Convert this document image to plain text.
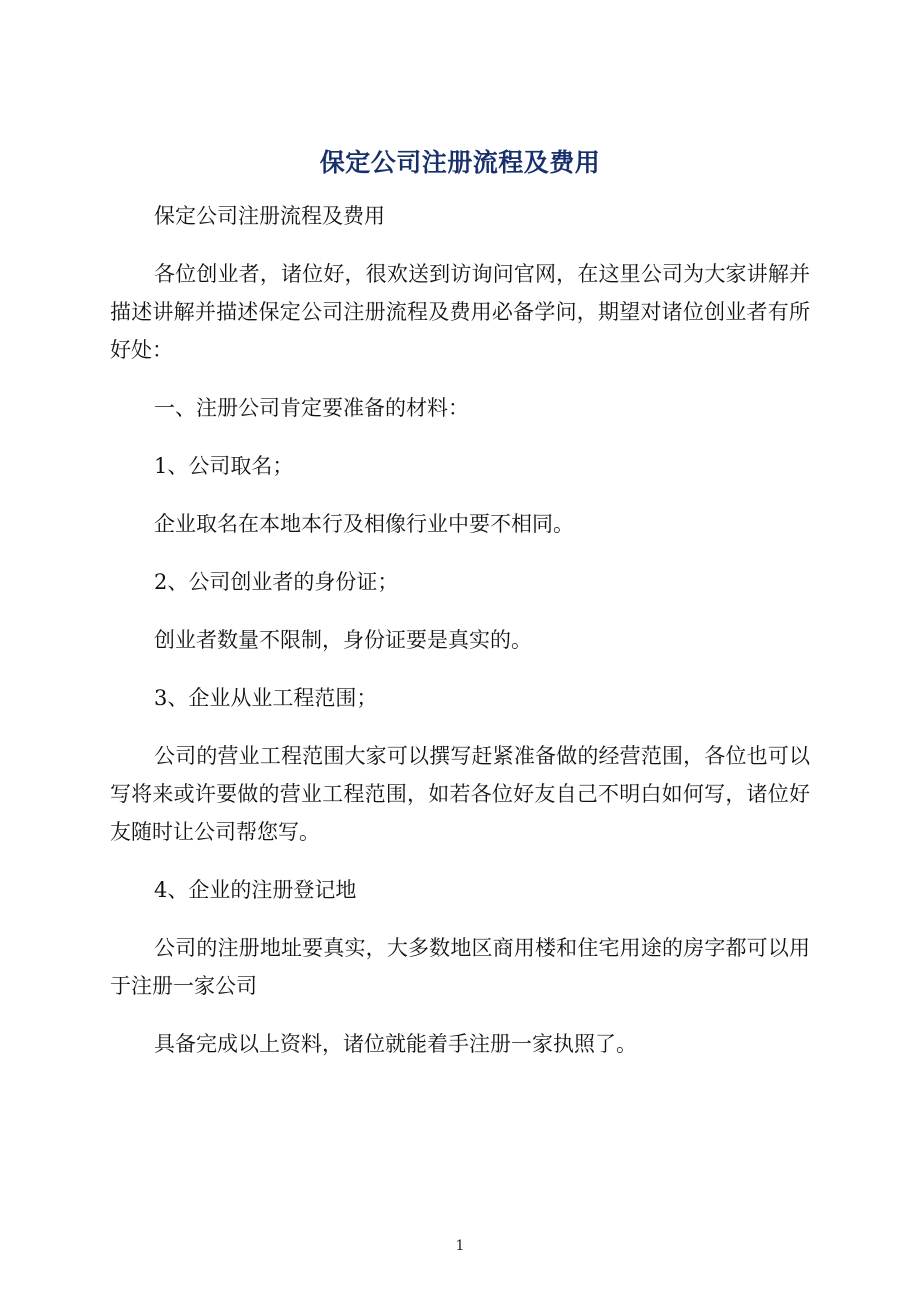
保定公司注册流程及费用

保定公司注册流程及费用

各位创业者，诸位好，很欢送到访询问官网，在这里公司为大家讲解并描述讲解并描述保定公司注册流程及费用必备学问，期望对诸位创业者有所好处：

一、注册公司肯定要准备的材料：

1、公司取名；

企业取名在本地本行及相像行业中要不相同。

2、公司创业者的身份证；

创业者数量不限制，身份证要是真实的。

3、企业从业工程范围；

公司的营业工程范围大家可以撰写赶紧准备做的经营范围，各位也可以写将来或许要做的营业工程范围，如若各位好友自己不明白如何写，诸位好友随时让公司帮您写。

4、企业的注册登记地

公司的注册地址要真实，大多数地区商用楼和住宅用途的房字都可以用于注册一家公司

具备完成以上资料，诸位就能着手注册一家执照了。

1
